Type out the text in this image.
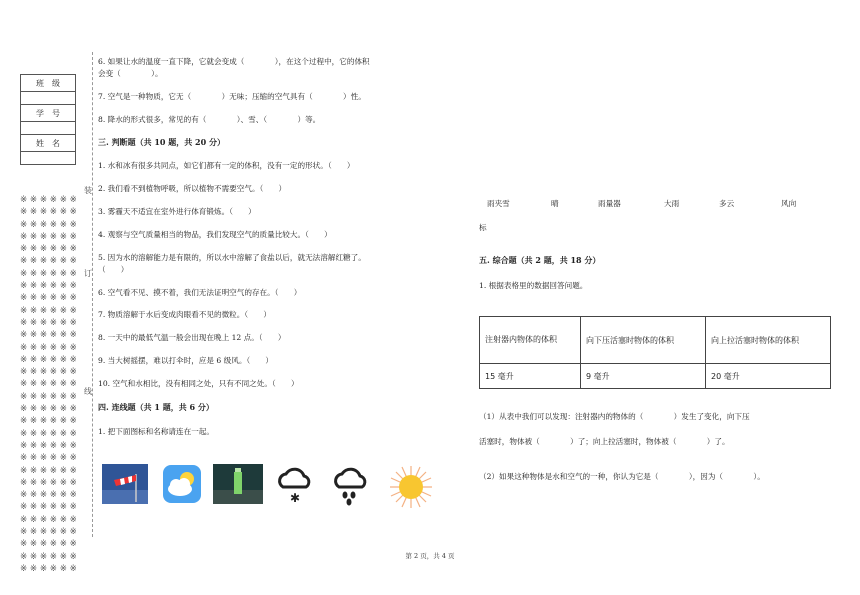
班　级

学　号

姓　名

※ ※ ※ ※ ※ ※
※ ※ ※ ※ ※ ※
※ ※ ※ ※ ※ ※
※ ※ ※ ※ ※ ※
※ ※ ※ ※ ※ ※
※ ※ ※ ※ ※ ※
※ ※ ※ ※ ※ ※
※ ※ ※ ※ ※ ※
※ ※ ※ ※ ※ ※
※ ※ ※ ※ ※ ※
※ ※ ※ ※ ※ ※
※ ※ ※ ※ ※ ※
※ ※ ※ ※ ※ ※
※ ※ ※ ※ ※ ※
※ ※ ※ ※ ※ ※
※ ※ ※ ※ ※ ※
※ ※ ※ ※ ※ ※
※ ※ ※ ※ ※ ※
※ ※ ※ ※ ※ ※
※ ※ ※ ※ ※ ※
※ ※ ※ ※ ※ ※
※ ※ ※ ※ ※ ※
※ ※ ※ ※ ※ ※
※ ※ ※ ※ ※ ※
※ ※ ※ ※ ※ ※
※ ※ ※ ※ ※ ※
※ ※ ※ ※ ※ ※
※ ※ ※ ※ ※ ※
※ ※ ※ ※ ※ ※
※ ※ ※ ※ ※ ※
※ ※ ※ ※ ※ ※
装
订
线
6. 如果让水的温度一直下降，它就会变成（　　　　），在这个过程中，它的体积
会变（　　　　）。
7. 空气是一种物质，它无（　　　　）无味；压缩的空气具有（　　　　）性。
8. 降水的形式很多，常见的有（　　　　）、雪、（　　　　）等。
三. 判断题（共 10 题，共 20 分）
1. 水和冰有很多共同点，如它们都有一定的体积，没有一定的形状。（　　）
2. 我们看不到植物呼吸，所以植物不需要空气。（　　）
3. 雾霾天不适宜在室外进行体育锻炼。（　　）
4. 观察与空气质量相当的物品，我们发现空气的质量比较大。（　　）
5. 因为水的溶解能力是有限的，所以水中溶解了食盐以后，就无法溶解红糖了。
（　　）
6. 空气看不见、摸不着，我们无法证明空气的存在。（　　）
7. 物质溶解于水后变成肉眼看不见的微粒。（　　）
8. 一天中的最低气温一般会出现在晚上 12 点。（　　）
9. 当大树摇摆，难以打伞时，应是 6 级风。（　　）
10. 空气和水相比，没有相同之处，只有不同之处。（　　）
四. 连线题（共 1 题，共 6 分）
1. 把下面图标和名称请连在一起。
✱
雨夹雪	晴	雨量器	大雨	多云	风向
标
五. 综合题（共 2 题，共 18 分）
1. 根据表格里的数据回答问题。
注射器内物体的体积	向下压活塞时物体的体积	向上拉活塞时物体的体积
15 毫升	9 毫升	20 毫升
（1）从表中我们可以发现：注射器内的物体的（　　　　）发生了变化，向下压
活塞时，物体被（　　　　）了；向上拉活塞时，物体被（　　　　）了。
（2）如果这种物体是水和空气的一种，你认为它是（　　　　），因为（　　　　）。
第 2 页，共 4 页
